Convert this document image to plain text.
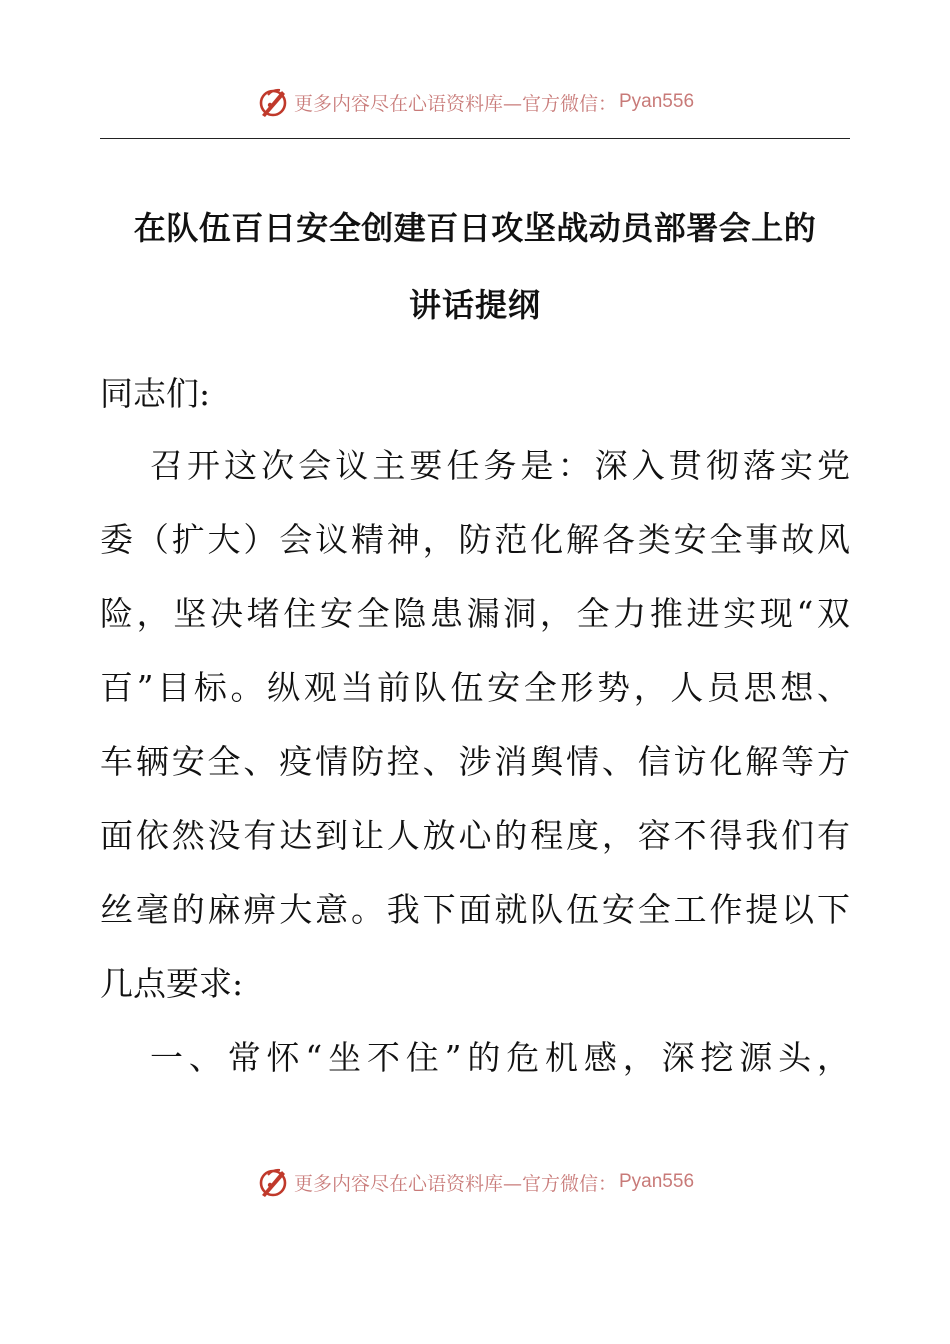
更多内容尽在心语资料库—官方微信： Pyan556
在队伍百日安全创建百日攻坚战动员部署会上的
讲话提纲
同志们:
召开这次会议主要任务是：深入贯彻落实党
委（扩大）会议精神，防范化解各类安全事故风
险，坚决堵住安全隐患漏洞，全力推进实现“双
百”目标。纵观当前队伍安全形势，人员思想、
车辆安全、疫情防控、涉消舆情、信访化解等方
面依然没有达到让人放心的程度，容不得我们有
丝毫的麻痹大意。我下面就队伍安全工作提以下
几点要求:
一、常怀“坐不住”的危机感，深挖源头，
更多内容尽在心语资料库—官方微信： Pyan556
